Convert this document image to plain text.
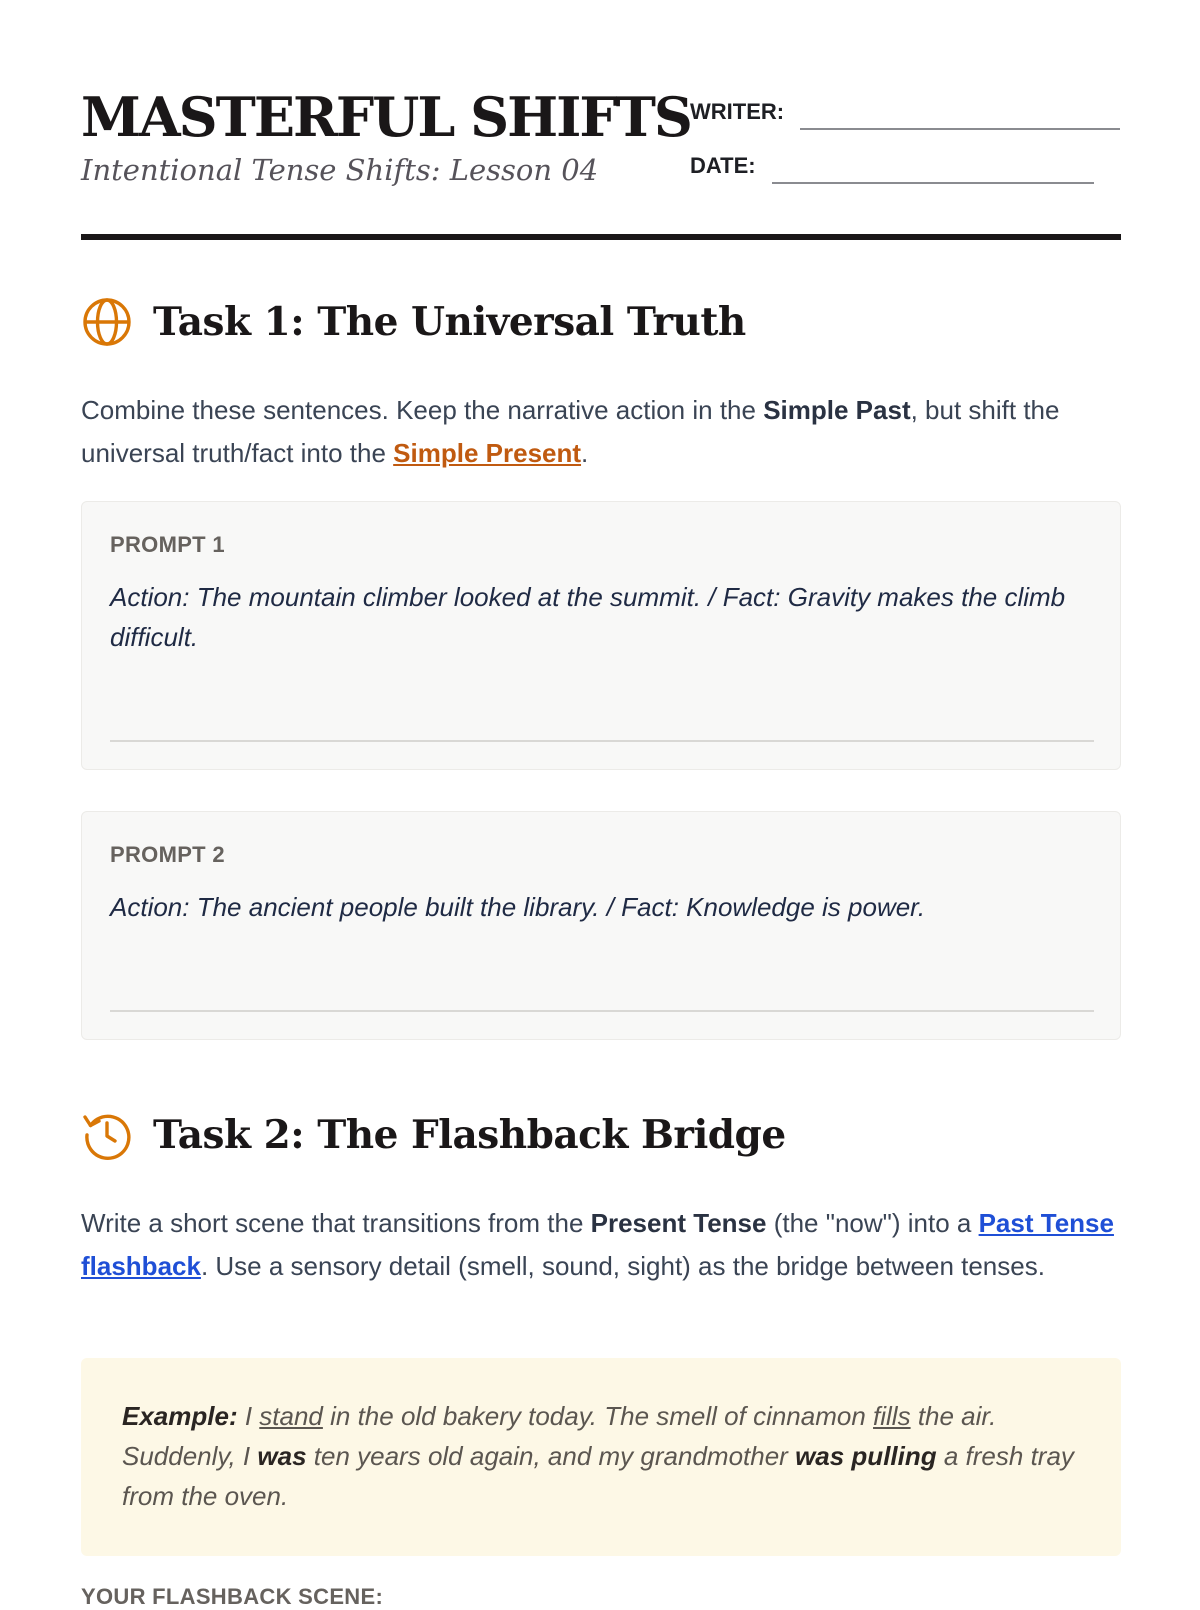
MASTERFUL SHIFTS

Intentional Tense Shifts: Lesson 04

WRITER:
DATE:
Task 1: The Universal Truth

Combine these sentences. Keep the narrative action in the Simple Past, but shift the universal truth/fact into the Simple Present.

PROMPT 1

Action: The mountain climber looked at the summit. / Fact: Gravity makes the climb difficult.

PROMPT 2

Action: The ancient people built the library. / Fact: Knowledge is power.

Task 2: The Flashback Bridge

Write a short scene that transitions from the Present Tense (the "now") into a Past Tense flashback. Use a sensory detail (smell, sound, sight) as the bridge between tenses.

Example: I stand in the old bakery today. The smell of cinnamon fills the air. Suddenly, I was ten years old again, and my grandmother was pulling a fresh tray from the oven.

YOUR FLASHBACK SCENE:
